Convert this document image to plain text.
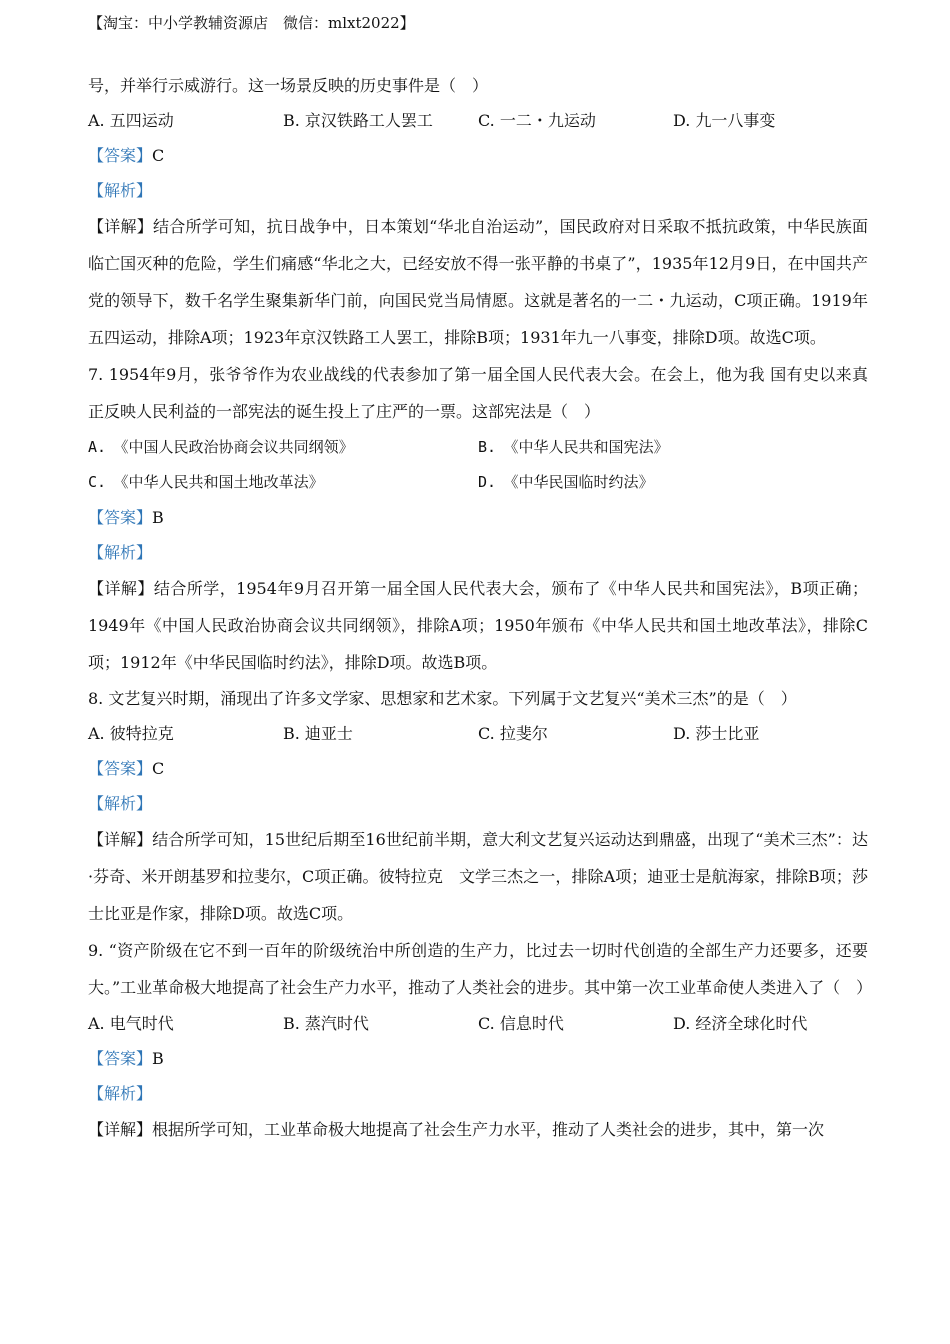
【淘宝：中小学教辅资源店　微信：mlxt2022】
号，并举行示威游行。这一场景反映的历史事件是（　）
A. 五四运动	B. 京汉铁路工人罢工	C. 一二・九运动	D. 九一八事变
【答案】C
【解析】
【详解】结合所学可知，抗日战争中，日本策划“华北自治运动”，国民政府对日采取不抵抗政策，中华民族面临亡国灭种的危险，学生们痛感“华北之大，已经安放不得一张平静的书桌了”，1935年12月9日，在中国共产党的领导下，数千名学生聚集新华门前，向国民党当局情愿。这就是著名的一二・九运动，C项正确。1919年五四运动，排除A项；1923年京汉铁路工人罢工，排除B项；1931年九一八事变，排除D项。故选C项。
7. 1954年9月，张爷爷作为农业战线的代表参加了第一届全国人民代表大会。在会上，他为我 国有史以来真正反映人民利益的一部宪法的诞生投上了庄严的一票。这部宪法是（　）
A.　《中国人民政治协商会议共同纲领》	B.　《中华人民共和国宪法》
C.　《中华人民共和国土地改革法》	D.　《中华民国临时约法》
【答案】B
【解析】
【详解】结合所学，1954年9月召开第一届全国人民代表大会，颁布了《中华人民共和国宪法》，B项正确；1949年《中国人民政治协商会议共同纲领》，排除A项；1950年颁布《中华人民共和国土地改革法》，排除C项；1912年《中华民国临时约法》，排除D项。故选B项。
8. 文艺复兴时期，涌现出了许多文学家、思想家和艺术家。下列属于文艺复兴“美术三杰”的是（　）
A. 彼特拉克	B. 迪亚士	C. 拉斐尔	D. 莎士比亚
【答案】C
【解析】
【详解】结合所学可知，15世纪后期至16世纪前半期，意大利文艺复兴运动达到鼎盛，出现了“美术三杰”：达·芬奇、米开朗基罗和拉斐尔，C项正确。彼特拉克　文学三杰之一，排除A项；迪亚士是航海家，排除B项；莎士比亚是作家，排除D项。故选C项。
9. “资产阶级在它不到一百年的阶级统治中所创造的生产力，比过去一切时代创造的全部生产力还要多，还要大。”工业革命极大地提高了社会生产力水平，推动了人类社会的进步。其中第一次工业革命使人类进入了（　）
A. 电气时代	B. 蒸汽时代	C. 信息时代	D. 经济全球化时代
【答案】B
【解析】
【详解】根据所学可知，工业革命极大地提高了社会生产力水平，推动了人类社会的进步，其中，第一次
